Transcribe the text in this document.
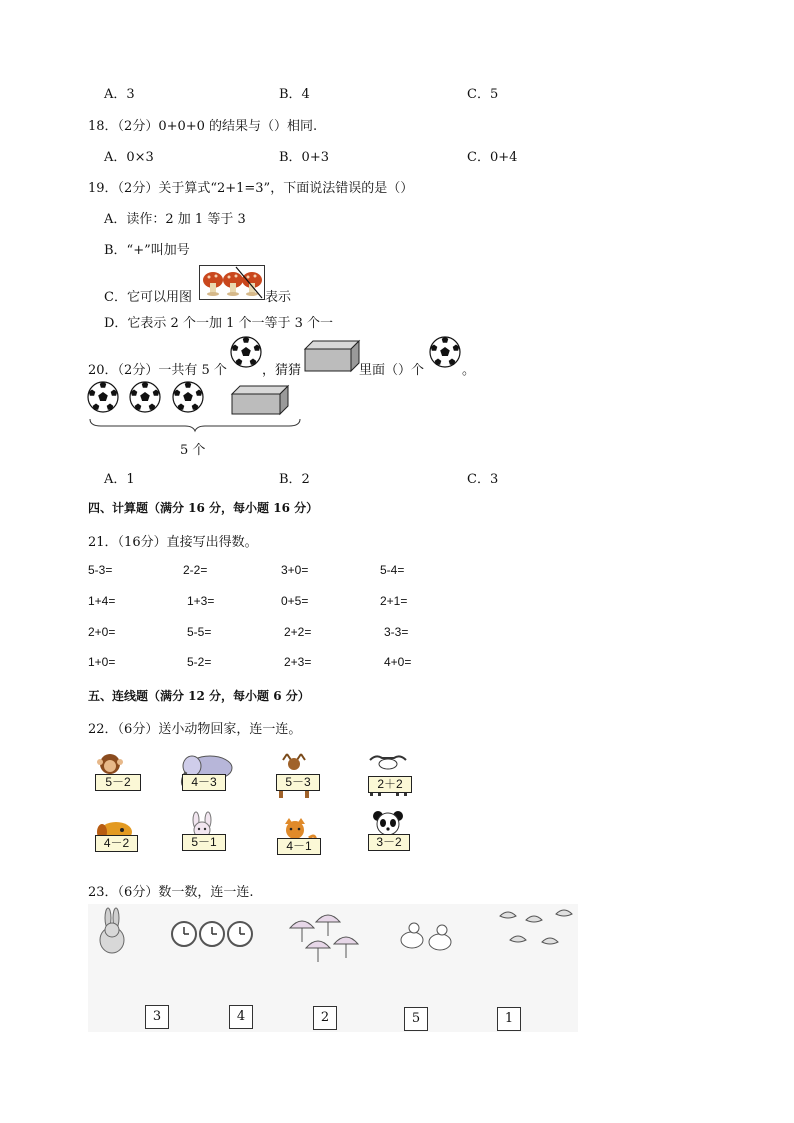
A．3	B．4	C．5
18．（2分）0+0+0 的结果与（）相同.
A．0×3	B．0+3	C．0+4
19．（2分）关于算式“2+1=3”，下面说法错误的是（）
A．读作：2 加 1 等于 3
B．“+”叫加号
C．它可以用图	表示
D．它表示 2 个一加 1 个一等于 3 个一
20．（2分）一共有 5 个	，猜猜	里面（）个	。
5 个
A．1	B．2	C．3
四、计算题（满分 16 分，每小题 16 分）
21．（16分）直接写出得数。
5-3=	2-2=	3+0=	5-4=
1+4=	1+3=	0+5=	2+1=
2+0=	5-5=	2+2=	3-3=
1+0=	5-2=	2+3=	4+0=
五、连线题（满分 12 分，每小题 6 分）
22．（6分）送小动物回家，连一连。
5－2	4－3	5－3	2＋2
4－2	5－1	4－1	3－2
23．（6分）数一数，连一连.
3	4	2	5	1
